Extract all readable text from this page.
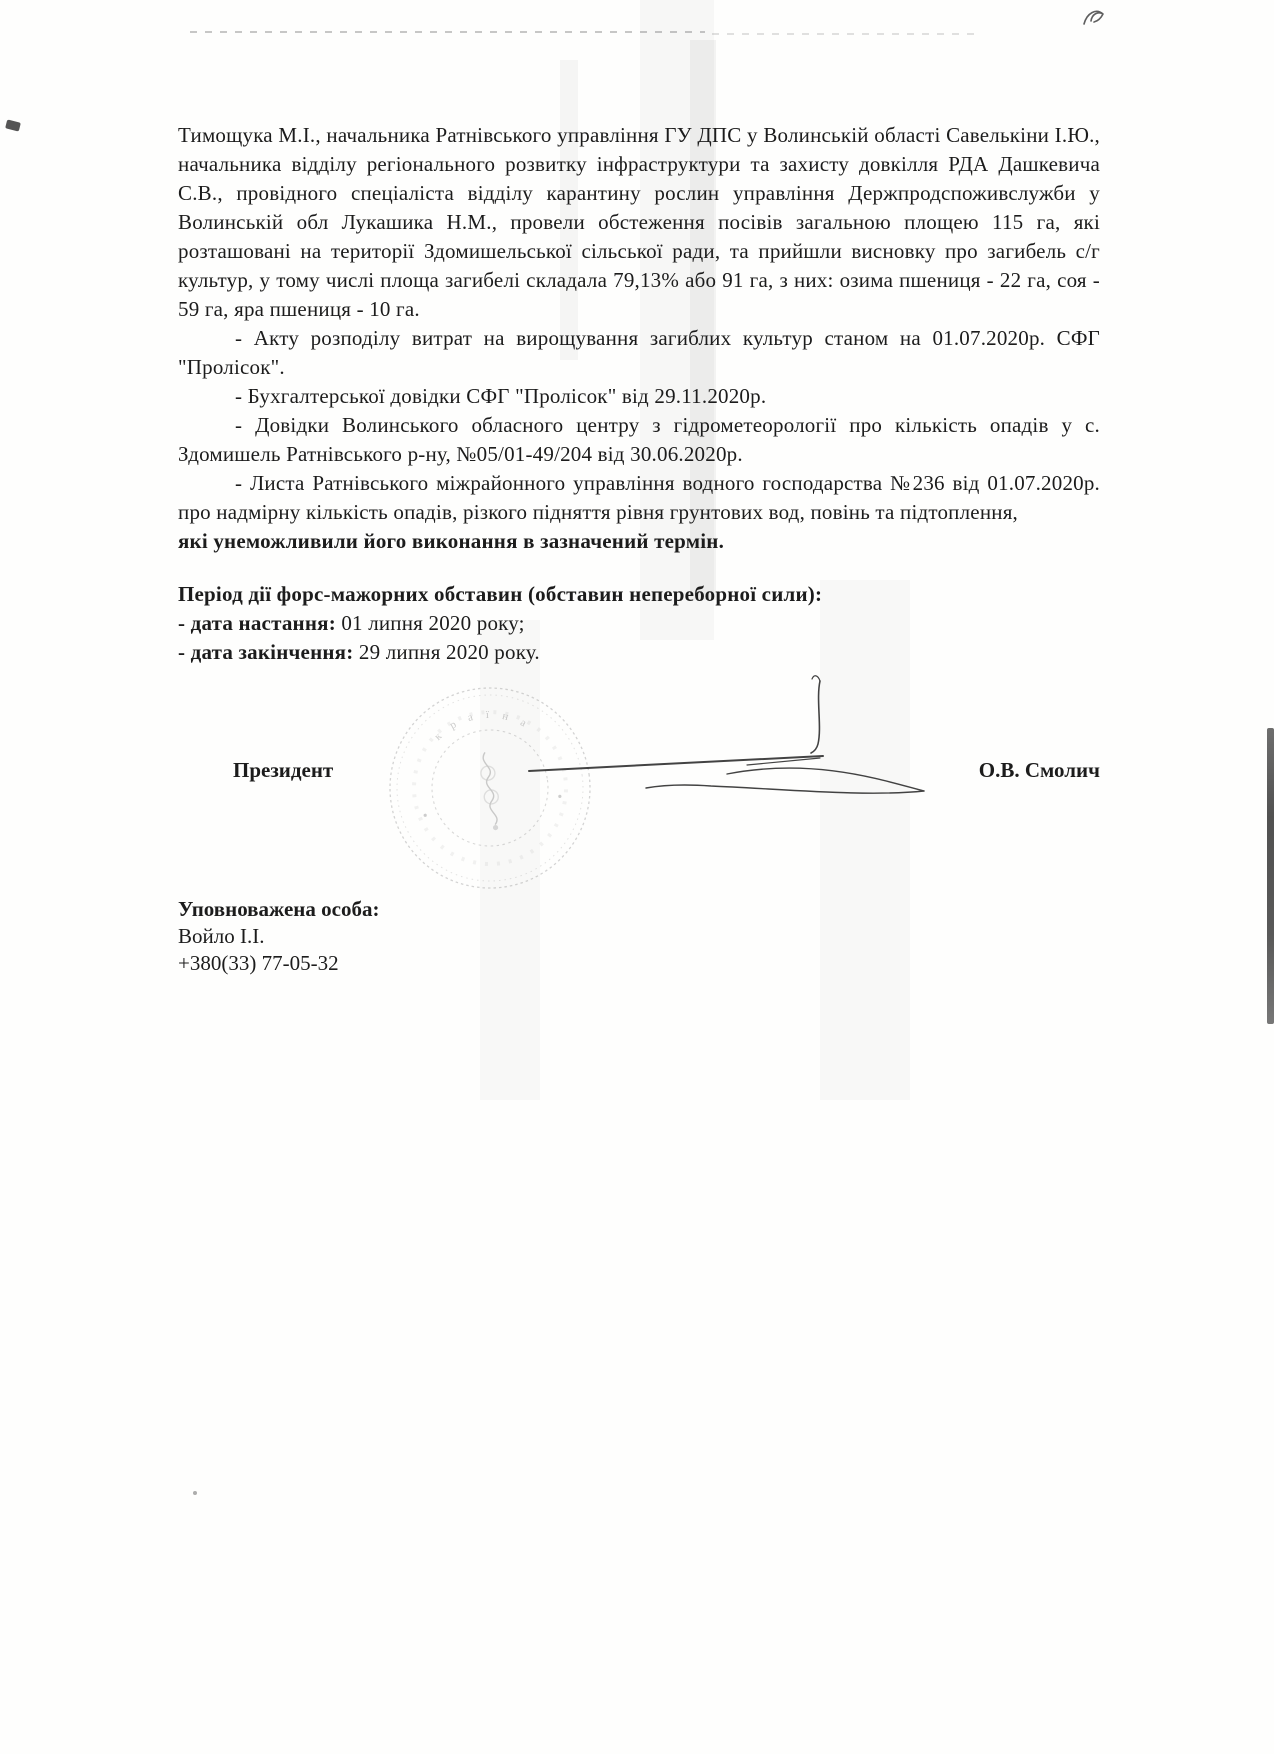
Тимощука М.І., начальника Ратнівського управління ГУ ДПС у Волинській області Савелькіни І.Ю., начальника відділу регіонального розвитку інфраструктури та захисту довкілля РДА Дашкевича С.В., провідного спеціаліста відділу карантину рослин управління Держпродспоживслужби у Волинській обл Лукашика Н.М., провели обстеження посівів загальною площею 115 га, які розташовані на території Здомишельської сільської ради, та прийшли висновку про загибель с/г культур, у тому числі площа загибелі складала 79,13% або 91 га, з них: озима пшениця - 22 га, соя - 59 га, яра пшениця - 10 га.

- Акту розподілу витрат на вирощування загиблих культур станом на 01.07.2020р. СФГ "Пролісок".

- Бухгалтерської довідки СФГ "Пролісок" від 29.11.2020р.

- Довідки Волинського обласного центру з гідрометеорології про кількість опадів у с. Здомишель Ратнівського р-ну, №05/01-49/204 від 30.06.2020р.

- Листа Ратнівського міжрайонного управління водного господарства №236 від 01.07.2020р. про надмірну кількість опадів, різкого підняття рівня грунтових вод, повінь та підтоплення,

які унеможливили його виконання в зазначений термін.

Період дії форс-мажорних обставин (обставин непереборної сили):

- дата настання: 01 липня 2020 року;

- дата закінчення: 29 липня 2020 року.

к р а ї н а
Президент	О.В. Смолич
Уповноважена особа:
Войло І.І.
+380(33) 77-05-32
